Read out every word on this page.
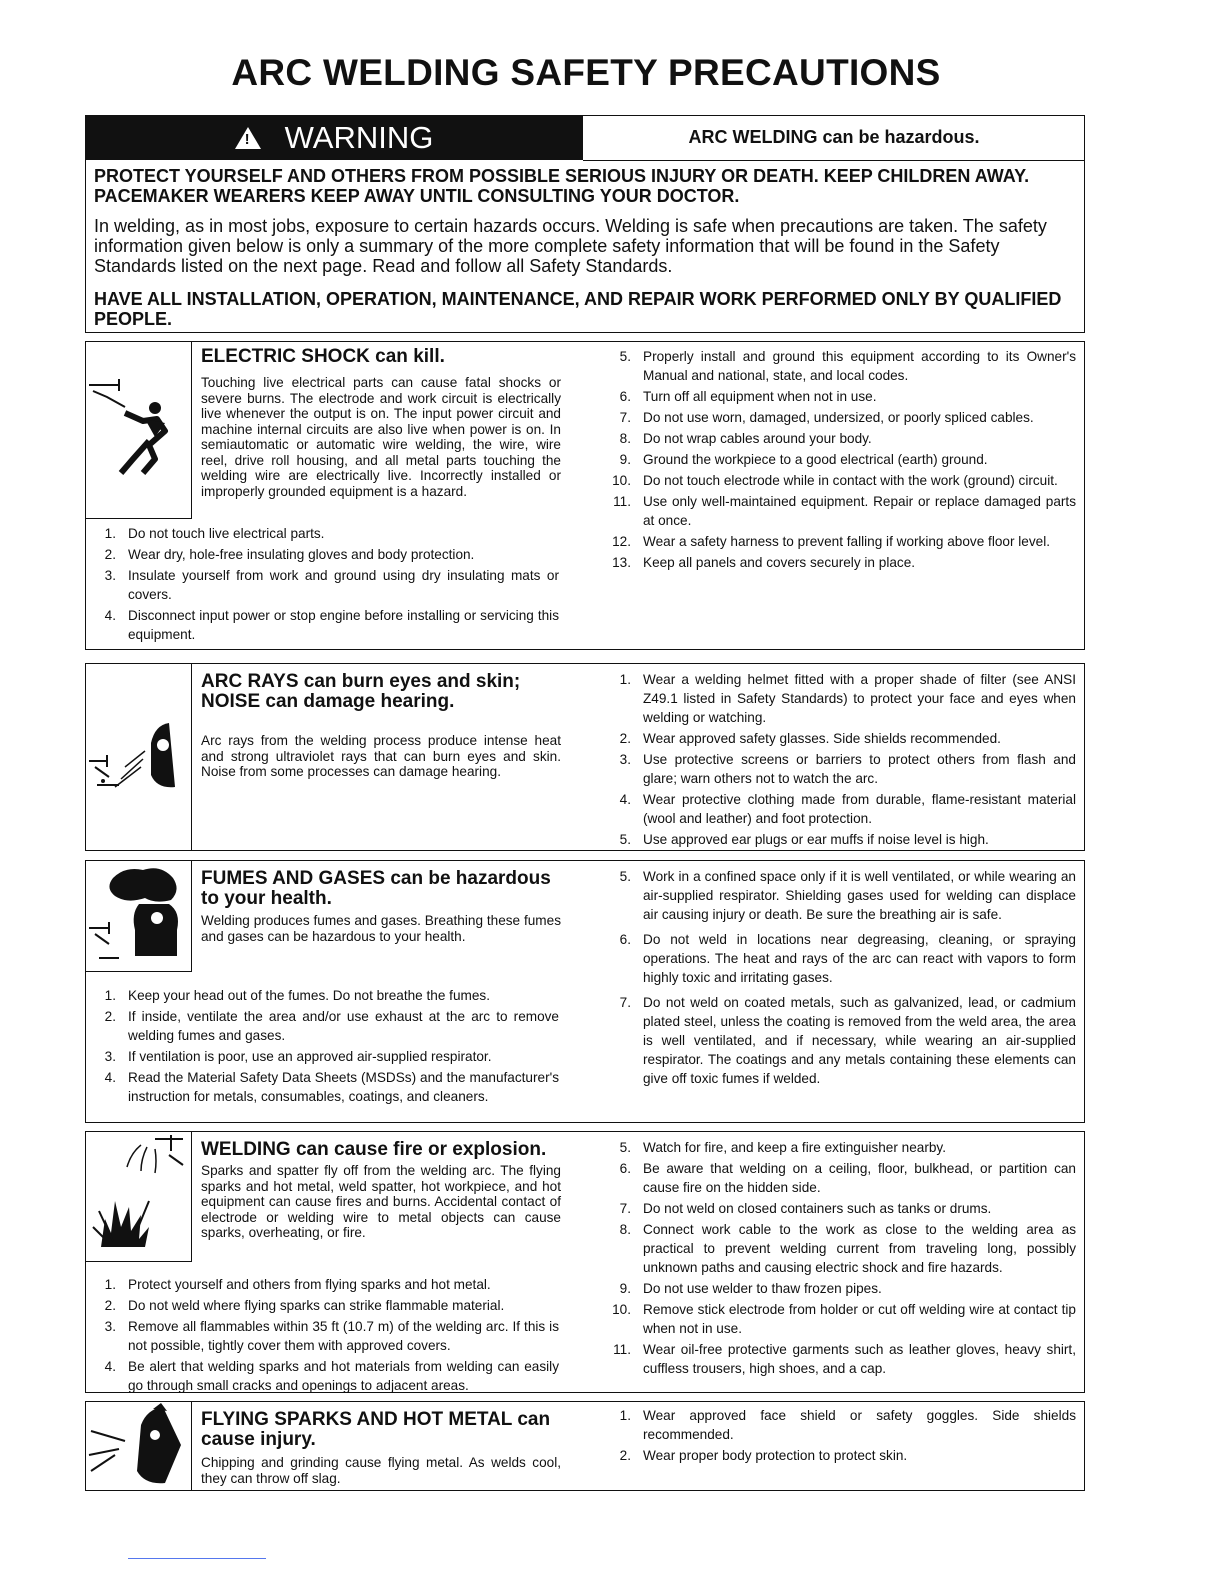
ARC WELDING SAFETY PRECAUTIONS
! WARNING	ARC WELDING can be hazardous.
PROTECT YOURSELF AND OTHERS FROM POSSIBLE SERIOUS INJURY OR DEATH. KEEP CHILDREN AWAY. PACEMAKER WEARERS KEEP AWAY UNTIL CONSULTING YOUR DOCTOR.
In welding, as in most jobs, exposure to certain hazards occurs. Welding is safe when precautions are taken. The safety information given below is only a summary of the more complete safety information that will be found in the Safety Standards listed on the next page. Read and follow all Safety Standards.
HAVE ALL INSTALLATION, OPERATION, MAINTENANCE, AND REPAIR WORK PERFORMED ONLY BY QUALIFIED PEOPLE.
ELECTRIC SHOCK can kill.
Touching live electrical parts can cause fatal shocks or severe burns. The electrode and work circuit is electrically live whenever the output is on. The input power circuit and machine internal circuits are also live when power is on. In semiautomatic or automatic wire welding, the wire, wire reel, drive roll housing, and all metal parts touching the welding wire are electrically live. Incorrectly installed or improperly grounded equipment is a hazard.
1. Do not touch live electrical parts.
2. Wear dry, hole-free insulating gloves and body protection.
3. Insulate yourself from work and ground using dry insulating mats or covers.
4. Disconnect input power or stop engine before installing or servicing this equipment.
5. Properly install and ground this equipment according to its Owner's Manual and national, state, and local codes.
6. Turn off all equipment when not in use.
7. Do not use worn, damaged, undersized, or poorly spliced cables.
8. Do not wrap cables around your body.
9. Ground the workpiece to a good electrical (earth) ground.
10. Do not touch electrode while in contact with the work (ground) circuit.
11. Use only well-maintained equipment. Repair or replace damaged parts at once.
12. Wear a safety harness to prevent falling if working above floor level.
13. Keep all panels and covers securely in place.
ARC RAYS can burn eyes and skin; NOISE can damage hearing.
Arc rays from the welding process produce intense heat and strong ultraviolet rays that can burn eyes and skin. Noise from some processes can damage hearing.
1. Wear a welding helmet fitted with a proper shade of filter (see ANSI Z49.1 listed in Safety Standards) to protect your face and eyes when welding or watching.
2. Wear approved safety glasses. Side shields recommended.
3. Use protective screens or barriers to protect others from flash and glare; warn others not to watch the arc.
4. Wear protective clothing made from durable, flame-resistant material (wool and leather) and foot protection.
5. Use approved ear plugs or ear muffs if noise level is high.
FUMES AND GASES can be hazardous to your health.
Welding produces fumes and gases. Breathing these fumes and gases can be hazardous to your health.
1. Keep your head out of the fumes. Do not breathe the fumes.
2. If inside, ventilate the area and/or use exhaust at the arc to remove welding fumes and gases.
3. If ventilation is poor, use an approved air-supplied respirator.
4. Read the Material Safety Data Sheets (MSDSs) and the manufacturer's instruction for metals, consumables, coatings, and cleaners.
5. Work in a confined space only if it is well ventilated, or while wearing an air-supplied respirator. Shielding gases used for welding can displace air causing injury or death. Be sure the breathing air is safe.
6. Do not weld in locations near degreasing, cleaning, or spraying operations. The heat and rays of the arc can react with vapors to form highly toxic and irritating gases.
7. Do not weld on coated metals, such as galvanized, lead, or cadmium plated steel, unless the coating is removed from the weld area, the area is well ventilated, and if necessary, while wearing an air-supplied respirator. The coatings and any metals containing these elements can give off toxic fumes if welded.
WELDING can cause fire or explosion.
Sparks and spatter fly off from the welding arc. The flying sparks and hot metal, weld spatter, hot workpiece, and hot equipment can cause fires and burns. Accidental contact of electrode or welding wire to metal objects can cause sparks, overheating, or fire.
1. Protect yourself and others from flying sparks and hot metal.
2. Do not weld where flying sparks can strike flammable material.
3. Remove all flammables within 35 ft (10.7 m) of the welding arc. If this is not possible, tightly cover them with approved covers.
4. Be alert that welding sparks and hot materials from welding can easily go through small cracks and openings to adjacent areas.
5. Watch for fire, and keep a fire extinguisher nearby.
6. Be aware that welding on a ceiling, floor, bulkhead, or partition can cause fire on the hidden side.
7. Do not weld on closed containers such as tanks or drums.
8. Connect work cable to the work as close to the welding area as practical to prevent welding current from traveling long, possibly unknown paths and causing electric shock and fire hazards.
9. Do not use welder to thaw frozen pipes.
10. Remove stick electrode from holder or cut off welding wire at contact tip when not in use.
11. Wear oil-free protective garments such as leather gloves, heavy shirt, cuffless trousers, high shoes, and a cap.
FLYING SPARKS AND HOT METAL can cause injury.
Chipping and grinding cause flying metal. As welds cool, they can throw off slag.
1. Wear approved face shield or safety goggles. Side shields recommended.
2. Wear proper body protection to protect skin.
